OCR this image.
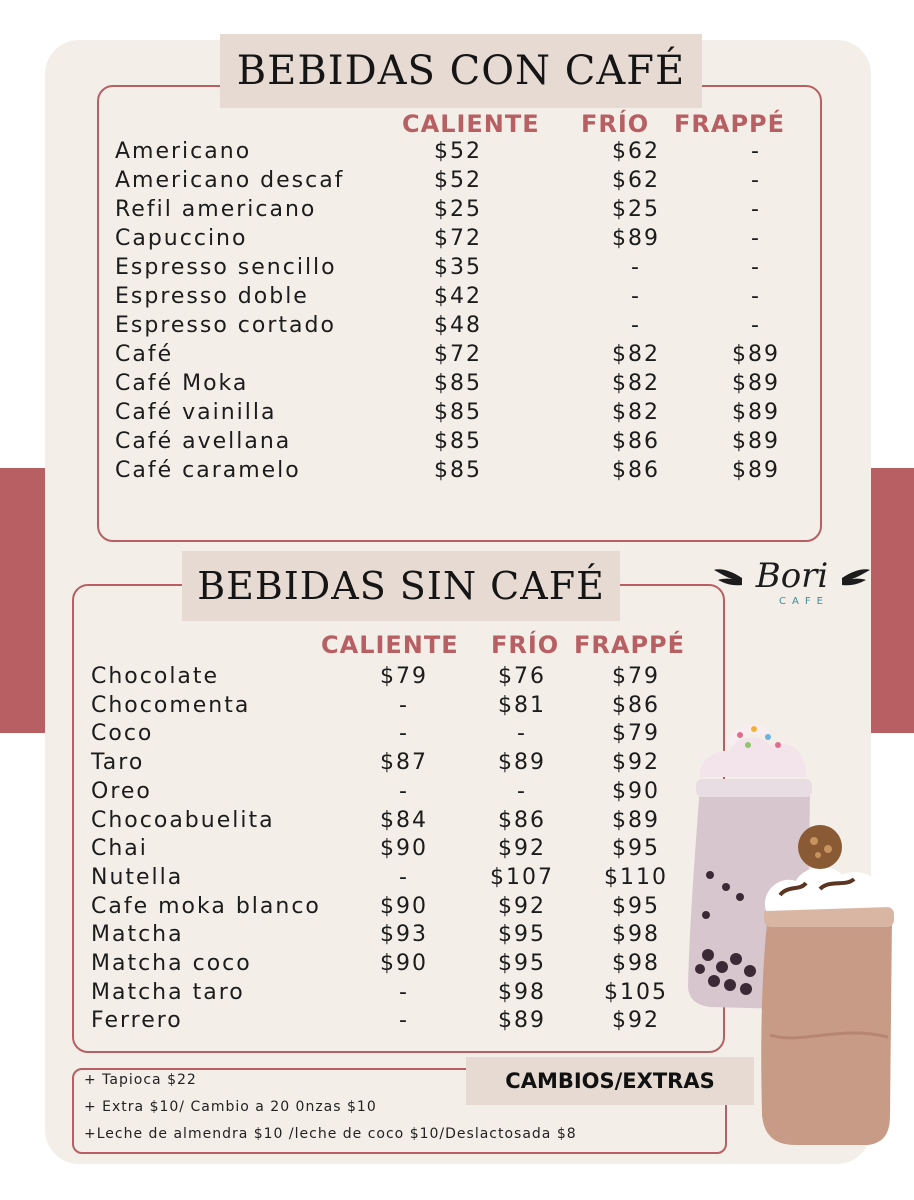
BEBIDAS CON CAFÉ
CALIENTE FRÍO FRAPPÉ
Americano	$52	$62	-
Americano descaf	$52	$62	-
Refil americano	$25	$25	-
Capuccino	$72	$89	-
Espresso sencillo	$35	-	-
Espresso doble	$42	-	-
Espresso cortado	$48	-	-
Café	$72	$82	$89
Café Moka	$85	$82	$89
Café vainilla	$85	$82	$89
Café avellana	$85	$86	$89
Café caramelo	$85	$86	$89
Bori
CAFE
BEBIDAS SIN CAFÉ
CALIENTE FRÍO FRAPPÉ
Chocolate	$79	$76	$79
Chocomenta	-	$81	$86
Coco	-	-	$79
Taro	$87	$89	$92
Oreo	-	-	$90
Chocoabuelita	$84	$86	$89
Chai	$90	$92	$95
Nutella	-	$107 $110
Cafe moka blanco	$90	$92	$95
Matcha	$93	$95	$98
Matcha coco	$90	$95	$98
Matcha taro	-	$98	$105
Ferrero	-	$89	$92
CAMBIOS/EXTRAS
+ Tapioca $22
+ Extra $10/ Cambio a 20 0nzas $10
+Leche de almendra $10 /leche de coco $10/Deslactosada $8
